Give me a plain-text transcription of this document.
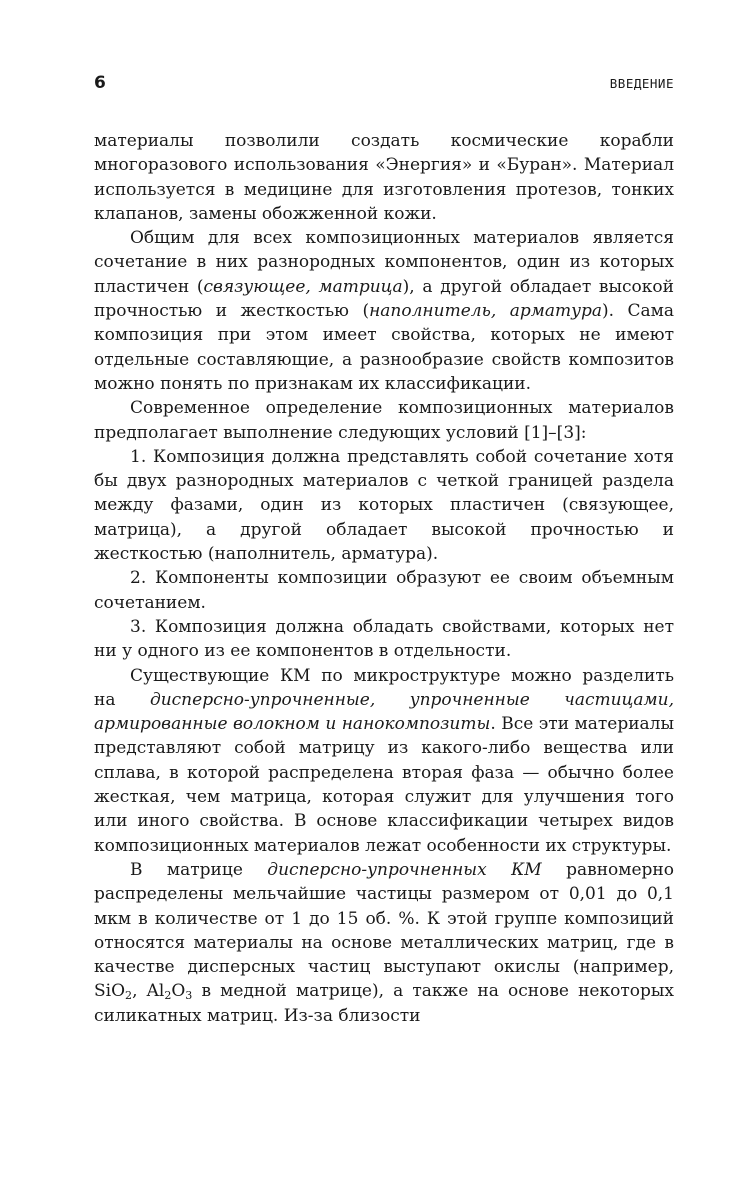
6	ВВЕДЕНИЕ

материалы позволили создать космические корабли многоразового использования «Энергия» и «Буран». Материал используется в медицине для изготовления протезов, тонких клапанов, замены обожженной кожи.

Общим для всех композиционных материалов является сочетание в них разнородных компонентов, один из которых пластичен (связующее, матрица), а другой обладает высокой прочностью и жесткостью (наполнитель, арматура). Сама композиция при этом имеет свойства, которых не имеют отдельные составляющие, а разнообразие свойств композитов можно понять по признакам их классификации.

Современное определение композиционных материалов предполагает выполнение следующих условий [1]–[3]:

1. Композиция должна представлять собой сочетание хотя бы двух разнородных материалов с четкой границей раздела между фазами, один из которых пластичен (связующее, матрица), а другой обладает высокой прочностью и жесткостью (наполнитель, арматура).

2. Компоненты композиции образуют ее своим объемным сочетанием.

3. Композиция должна обладать свойствами, которых нет ни у одного из ее компонентов в отдельности.

Существующие КМ по микроструктуре можно разделить на дисперсно-упрочненные, упрочненные частицами, армированные волокном и нанокомпозиты. Все эти материалы представляют собой матрицу из какого-либо вещества или сплава, в которой распределена вторая фаза — обычно более жесткая, чем матрица, которая служит для улучшения того или иного свойства. В основе классификации четырех видов композиционных материалов лежат особенности их структуры.

В матрице дисперсно-упрочненных КМ равномерно распределены мельчайшие частицы размером от 0,01 до 0,1 мкм в количестве от 1 до 15 об. %. К этой группе композиций относятся материалы на основе металлических матриц, где в качестве дисперсных частиц выступают окислы (например, SiO$_2$, $Al_2O_3$ в медной матрице), а также на основе некоторых силикатных матриц. Из-за близости
